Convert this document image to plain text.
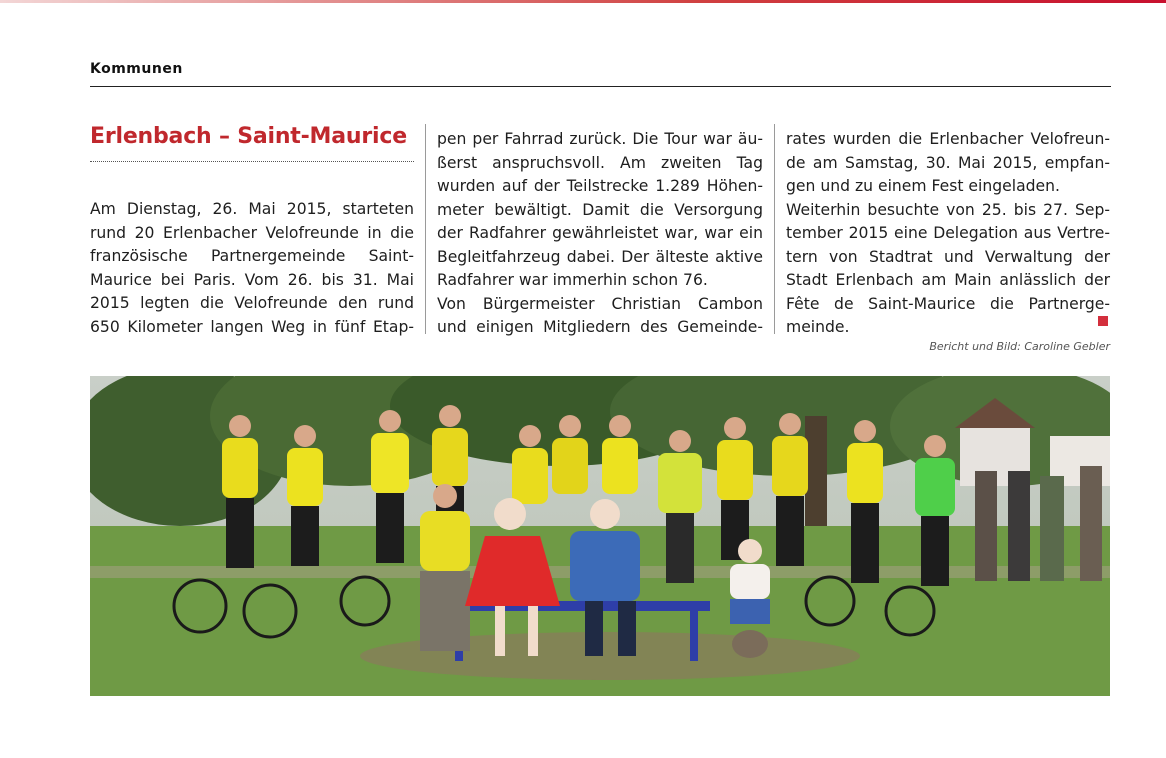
Kommunen
Erlenbach – Saint-Maurice
Am Dienstag, 26. Mai 2015, starteten
rund 20 Erlenbacher Velofreunde in die
französische Partnergemeinde Saint-
Maurice bei Paris. Vom 26. bis 31. Mai
2015 legten die Velofreunde den rund
650 Kilometer langen Weg in fünf Etap-
pen per Fahrrad zurück. Die Tour war äu-
ßerst anspruchsvoll. Am zweiten Tag
wurden auf der Teilstrecke 1.289 Höhen-
meter bewältigt. Damit die Versorgung
der Radfahrer gewährleistet war, war ein
Begleitfahrzeug dabei. Der älteste aktive
Radfahrer war immerhin schon 76.
Von Bürgermeister Christian Cambon
und einigen Mitgliedern des Gemeinde-
rates wurden die Erlenbacher Velofreun-
de am Samstag, 30. Mai 2015, empfan-
gen und zu einem Fest eingeladen.
Weiterhin besuchte von 25. bis 27. Sep-
tember 2015 eine Delegation aus Vertre-
tern von Stadtrat und Verwaltung der
Stadt Erlenbach am Main anlässlich der
Fête de Saint-Maurice die Partnerge-
meinde.
Bericht und Bild: Caroline Gebler
